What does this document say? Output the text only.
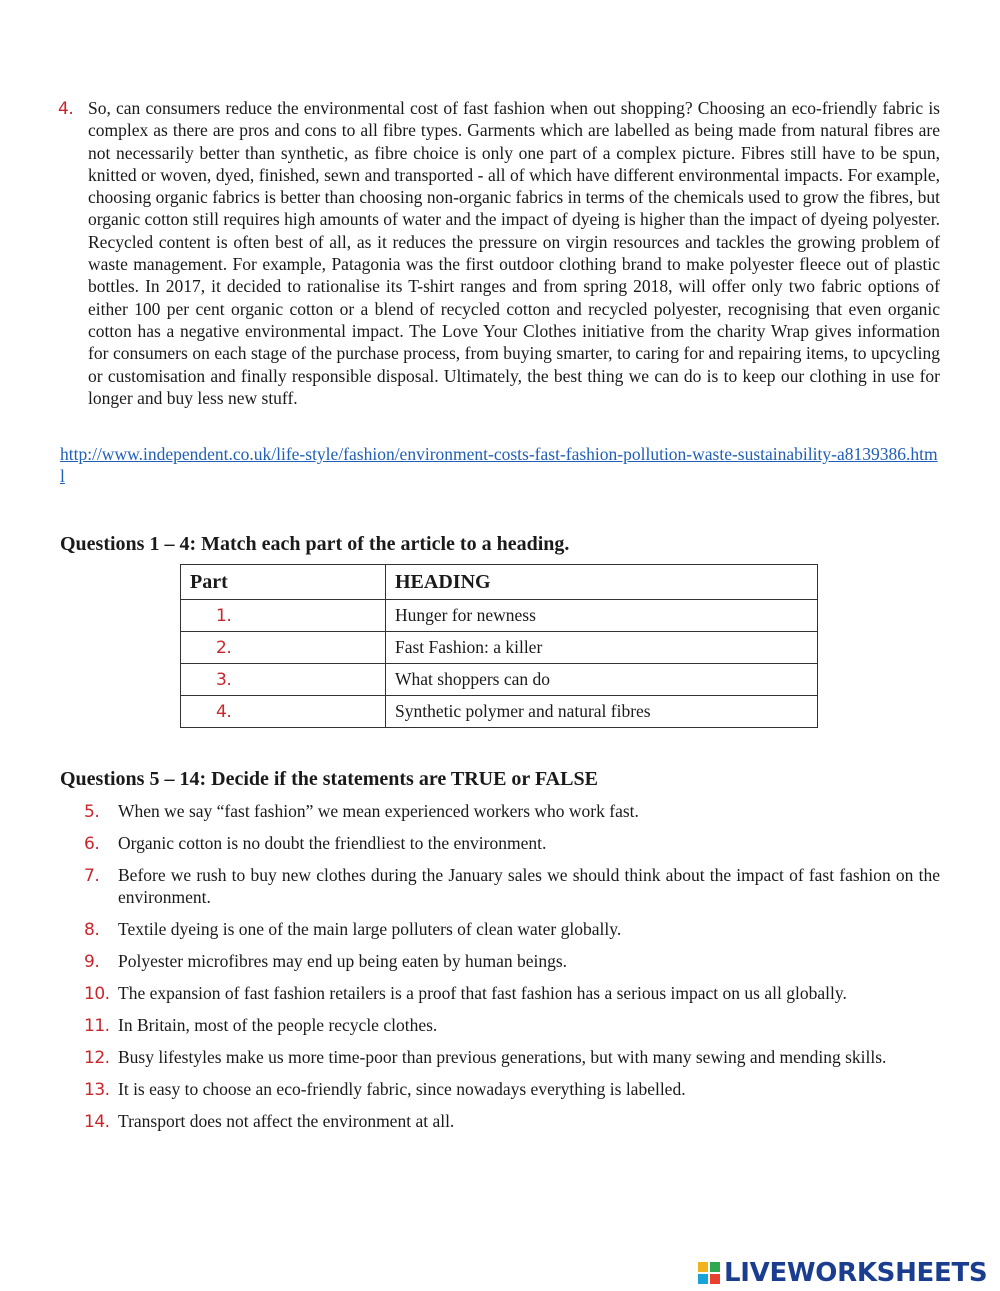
4. So, can consumers reduce the environmental cost of fast fashion when out shopping? Choosing an eco-friendly fabric is complex as there are pros and cons to all fibre types. Garments which are labelled as being made from natural fibres are not necessarily better than synthetic, as fibre choice is only one part of a complex picture. Fibres still have to be spun, knitted or woven, dyed, finished, sewn and transported - all of which have different environmental impacts. For example, choosing organic fabrics is better than choosing non-organic fabrics in terms of the chemicals used to grow the fibres, but organic cotton still requires high amounts of water and the impact of dyeing is higher than the impact of dyeing polyester. Recycled content is often best of all, as it reduces the pressure on virgin resources and tackles the growing problem of waste management. For example, Patagonia was the first outdoor clothing brand to make polyester fleece out of plastic bottles. In 2017, it decided to rationalise its T-shirt ranges and from spring 2018, will offer only two fabric options of either 100 per cent organic cotton or a blend of recycled cotton and recycled polyester, recognising that even organic cotton has a negative environmental impact. The Love Your Clothes initiative from the charity Wrap gives information for consumers on each stage of the purchase process, from buying smarter, to caring for and repairing items, to upcycling or customisation and finally responsible disposal. Ultimately, the best thing we can do is to keep our clothing in use for longer and buy less new stuff.

http://www.independent.co.uk/life-style/fashion/environment-costs-fast-fashion-pollution-waste-sustainability-a8139386.html
Questions 1 – 4: Match each part of the article to a heading.
Part	HEADING
1.	Hunger for newness
2.	Fast Fashion: a killer
3.	What shoppers can do
4.	Synthetic polymer and natural fibres
Questions 5 – 14: Decide if the statements are TRUE or FALSE
5. When we say “fast fashion” we mean experienced workers who work fast.
6. Organic cotton is no doubt the friendliest to the environment.
7. Before we rush to buy new clothes during the January sales we should think about the impact of fast fashion on the environment.
8. Textile dyeing is one of the main large polluters of clean water globally.
9. Polyester microfibres may end up being eaten by human beings.
10. The expansion of fast fashion retailers is a proof that fast fashion has a serious impact on us all globally.
11. In Britain, most of the people recycle clothes.
12. Busy lifestyles make us more time-poor than previous generations, but with many sewing and mending skills.
13. It is easy to choose an eco-friendly fabric, since nowadays everything is labelled.
14. Transport does not affect the environment at all.
LIVEWORKSHEETS
